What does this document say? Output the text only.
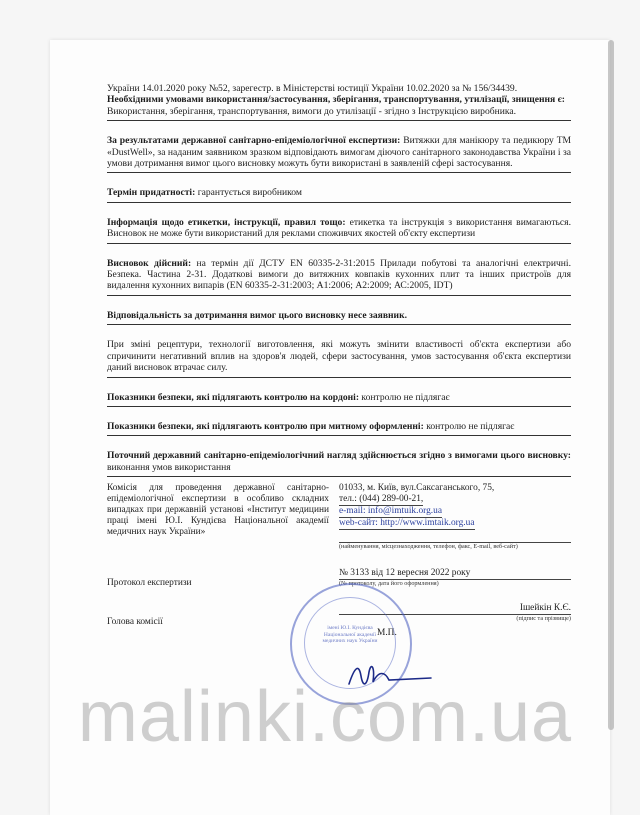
України 14.01.2020 року №52, зарегестр. в Міністерстві юстиції України 10.02.2020 за № 156/34439.

Необхідними умовами використання/застосування, зберігання, транспортування, утилізації, знищення є:

Використання, зберігання, транспортування, вимоги до утилізації - згідно з Інструкцією виробника.

За результатами державної санітарно-епідеміологічної експертизи: Витяжки для манікюру та педикюру ТМ «DustWell», за наданим заявником зразком відповідають вимогам діючого санітарного законодавства України і за умови дотримання вимог цього висновку можуть бути використані в заявленій сфері застосування.

Термін придатності: гарантується виробником

Інформація щодо етикетки, інструкції, правил тощо: етикетка та інструкція з використання вимагаються. Висновок не може бути використаний для реклами споживчих якостей об'єкту експертизи

Висновок дійсний: на термін дії ДСТУ EN 60335-2-31:2015 Прилади побутові та аналогічні електричні. Безпека. Частина 2-31. Додаткові вимоги до витяжних ковпаків кухонних плит та інших пристроїв для видалення кухонних випарів (EN 60335-2-31:2003; А1:2006; А2:2009; АС:2005, IDT)

Відповідальність за дотримання вимог цього висновку несе заявник.

При зміні рецептури, технології виготовлення, які можуть змінити властивості об'єкта експертизи або спричинити негативний вплив на здоров'я людей, сфери застосування, умов застосування об'єкта експертизи даний висновок втрачає силу.

Показники безпеки, які підлягають контролю на кордоні: контролю не підлягає

Показники безпеки, які підлягають контролю при митному оформленні: контролю не підлягає

Поточний державний санітарно-епідеміологічний нагляд здійснюється згідно з вимогами цього висновку: виконання умов використання

Комісія для проведення державної санітарно-епідеміологічної експертизи в особливо складних випадках при державній установі «Інститут медицини праці імені Ю.І. Кундієва Національної академії медичних наук України»

Протокол експертизи

Голова комісії

01033, м. Київ, вул.Саксаганського, 75,

тел.: (044) 289-00-21,

e-mail: info@imtuik.org.ua

web-сайт: http://www.imtaik.org.ua

(найменування, місцезнаходження, телефон, факс, E-mail, веб-сайт)

№ 3133 від 12 вересня 2022 року

(№ протоколу, дата його оформлення)

Ішейкін К.Є.

(підпис та прізвище)

М.П.

імені Ю.І. Кундієва Національної академії медичних наук України
malinki.com.ua
